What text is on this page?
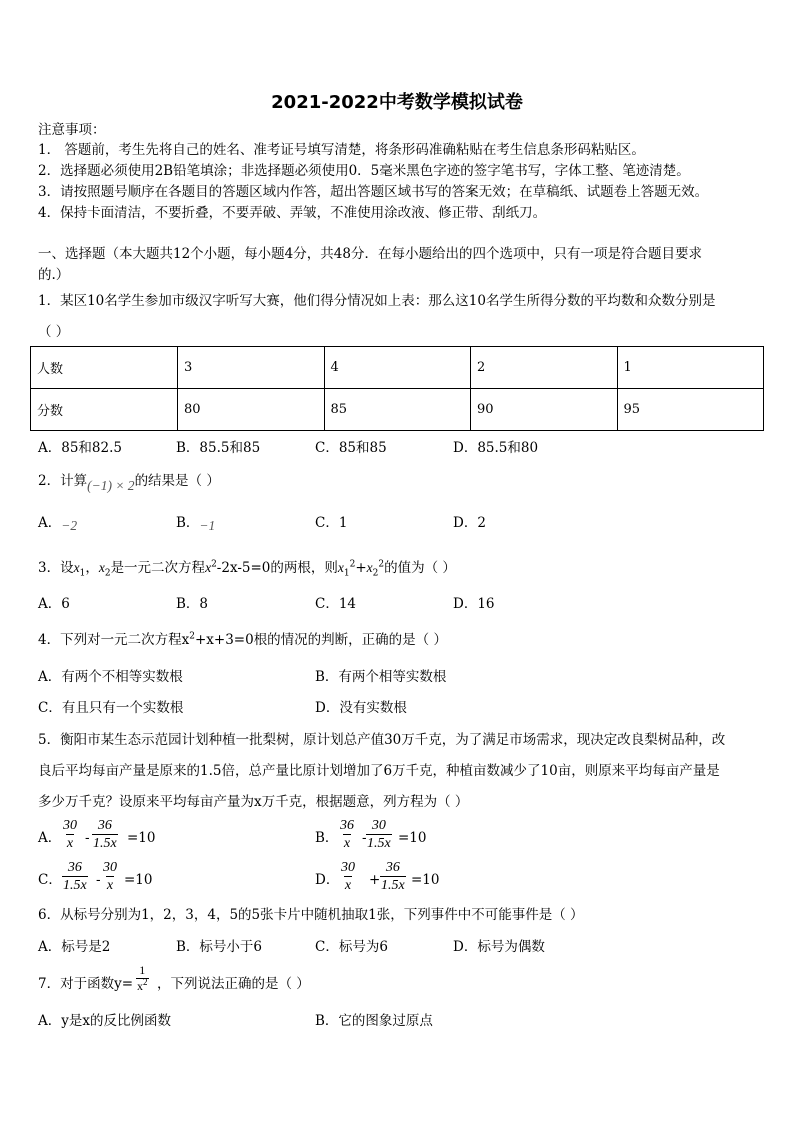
2021-2022中考数学模拟试卷
注意事项：
1． 答题前，考生先将自己的姓名、准考证号填写清楚，将条形码准确粘贴在考生信息条形码粘贴区。
2．选择题必须使用2B铅笔填涂；非选择题必须使用0．5毫米黑色字迹的签字笔书写，字体工整、笔迹清楚。
3．请按照题号顺序在各题目的答题区域内作答，超出答题区域书写的答案无效；在草稿纸、试题卷上答题无效。
4．保持卡面清洁，不要折叠，不要弄破、弄皱，不准使用涂改液、修正带、刮纸刀。
一、选择题（本大题共12个小题，每小题4分，共48分．在每小题给出的四个选项中，只有一项是符合题目要求
的.）
1．某区10名学生参加市级汉字听写大赛，他们得分情况如上表：那么这10名学生所得分数的平均数和众数分别是
（ ）
人数	3	4	2	1
分数	80	85	90	95
A．85和82.5	B．85.5和85	C．85和85	D．85.5和80
2．计算(−1) × 2的结果是（ ）
A．−2	B．−1	C．1	D．2
3．设$x_1$，$x_2$是一元二次方程$x^2-2x-5=0$的两根，则$x_1^2+x_2^2$的值为（ ）
A．6	B．8	C．14	D．16
4．下列对一元二次方程$x^2+x+3=0$根的情况的判断，正确的是（ ）
A．有两个不相等实数根	B．有两个相等实数根
C．有且只有一个实数根	D．没有实数根
5．衡阳市某生态示范园计划种植一批梨树，原计划总产值30万千克，为了满足市场需求，现决定改良梨树品种，改
良后平均每亩产量是原来的1.5倍，总产量比原计划增加了6万千克，种植亩数减少了10亩，则原来平均每亩产量是
多少万千克？设原来平均每亩产量为x万千克，根据题意，列方程为（ ）
A． $\frac{30}{x} - \frac{36}{1.5x} =10$	B． $\frac{36}{x} - \frac{30}{1.5x} =10$
C． $\frac{36}{1.5x} - \frac{30}{x} =10$	D． $\frac{30}{x} + \frac{36}{1.5x} =10$
6．从标号分别为1，2，3，4，5的5张卡片中随机抽取1张，下列事件中不可能事件是（ ）
A．标号是2	B．标号小于6	C．标号为6	D．标号为偶数
7．对于函数$y= \frac{1}{x^2}$ ，下列说法正确的是（ ）
A．y是x的反比例函数	B．它的图象过原点
